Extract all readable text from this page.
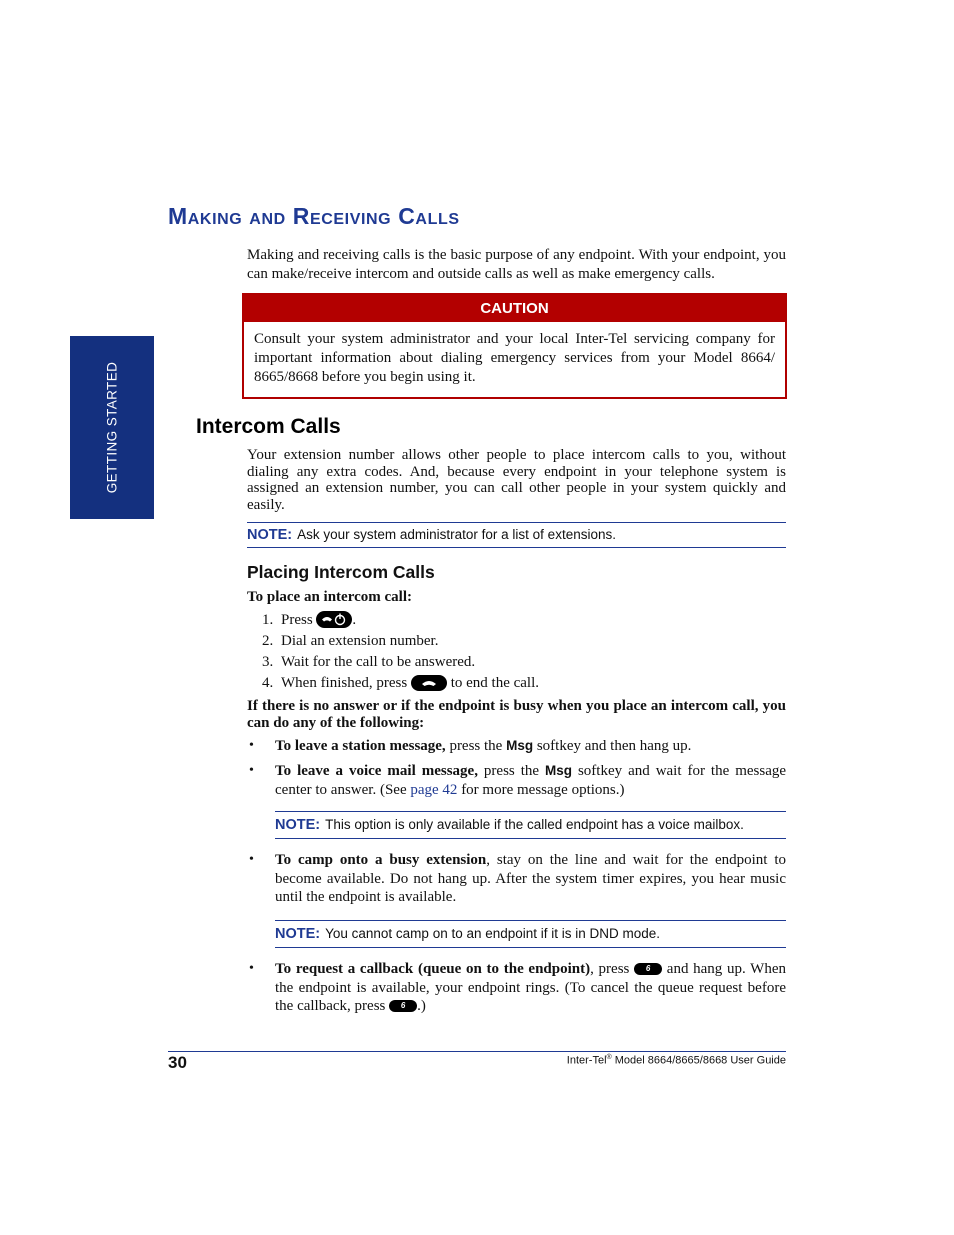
GETTING STARTED
Making and Receiving Calls
Making and receiving calls is the basic purpose of any endpoint. With your endpoint, you can make/receive intercom and outside calls as well as make emergency calls.
CAUTION
Consult your system administrator and your local Inter-Tel servicing company for important information about dialing emergency services from your Model 8664/ 8665/8668 before you begin using it.
Intercom Calls
Your extension number allows other people to place intercom calls to you, without dialing any extra codes. And, because every endpoint in your telephone system is assigned an extension number, you can call other people in your system quickly and easily.
NOTE: Ask your system administrator for a list of extensions.
Placing Intercom Calls
To place an intercom call:
1. Press	.
2. Dial an extension number.
3. Wait for the call to be answered.
4. When finished, press	to end the call.
If there is no answer or if the endpoint is busy when you place an intercom call, you can do any of the following:
• To leave a station message, press the Msg softkey and then hang up.
• To leave a voice mail message, press the Msg softkey and wait for the message center to answer. (See page 42 for more message options.)
NOTE: This option is only available if the called endpoint has a voice mailbox.
• To camp onto a busy extension, stay on the line and wait for the endpoint to become available. Do not hang up. After the system timer expires, you hear music until the endpoint is available.
NOTE: You cannot camp on to an endpoint if it is in DND mode.
• To request a callback (queue on to the endpoint), press 6 and hang up. When the endpoint is available, your endpoint rings. (To cancel the queue request before the callback, press 6 .)
30	Inter-Tel® Model 8664/8665/8668 User Guide
